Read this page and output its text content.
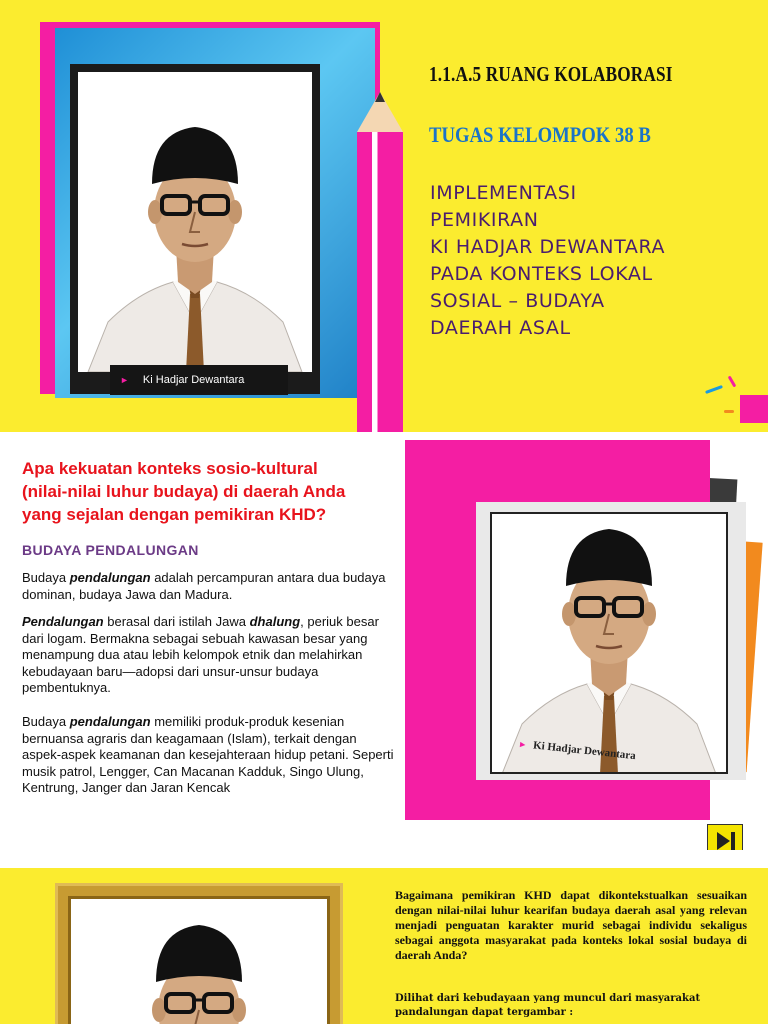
► Ki Hadjar Dewantara
1.1.A.5 RUANG KOLABORASI
TUGAS KELOMPOK 38 B
IMPLEMENTASI
PEMIKIRAN
KI HADJAR DEWANTARA
PADA KONTEKS LOKAL
SOSIAL – BUDAYA
DAERAH ASAL
Apa kekuatan konteks sosio-kultural (nilai-nilai luhur budaya) di daerah Anda yang sejalan dengan pemikiran KHD?
BUDAYA PENDALUNGAN

Budaya pendalungan adalah percampuran antara dua budaya dominan, budaya Jawa dan Madura.

Pendalungan berasal dari istilah Jawa dhalung, periuk besar dari logam. Bermakna sebagai sebuah kawasan besar yang menampung dua atau lebih kelompok etnik dan melahirkan kebudayaan baru—adopsi dari unsur-unsur budaya pembentuknya.

Budaya pendalungan memiliki produk-produk kesenian bernuansa agraris dan keagamaan (Islam), terkait dengan aspek-aspek keamanan dan kesejahteraan hidup petani. Seperti musik patrol, Lengger, Can Macanan Kadduk, Singo Ulung, Kentrung, Janger dan Jaran Kencak

► Ki Hadjar Dewantara
Bagaimana pemikiran KHD dapat dikontekstualkan sesuaikan dengan nilai-nilai luhur kearifan budaya daerah asal yang relevan menjadi penguatan karakter murid sebagai individu sekaligus sebagai anggota masyarakat pada konteks lokal sosial budaya di daerah Anda?
Dilihat dari kebudayaan yang muncul dari masyarakat pandalungan dapat tergambar :
